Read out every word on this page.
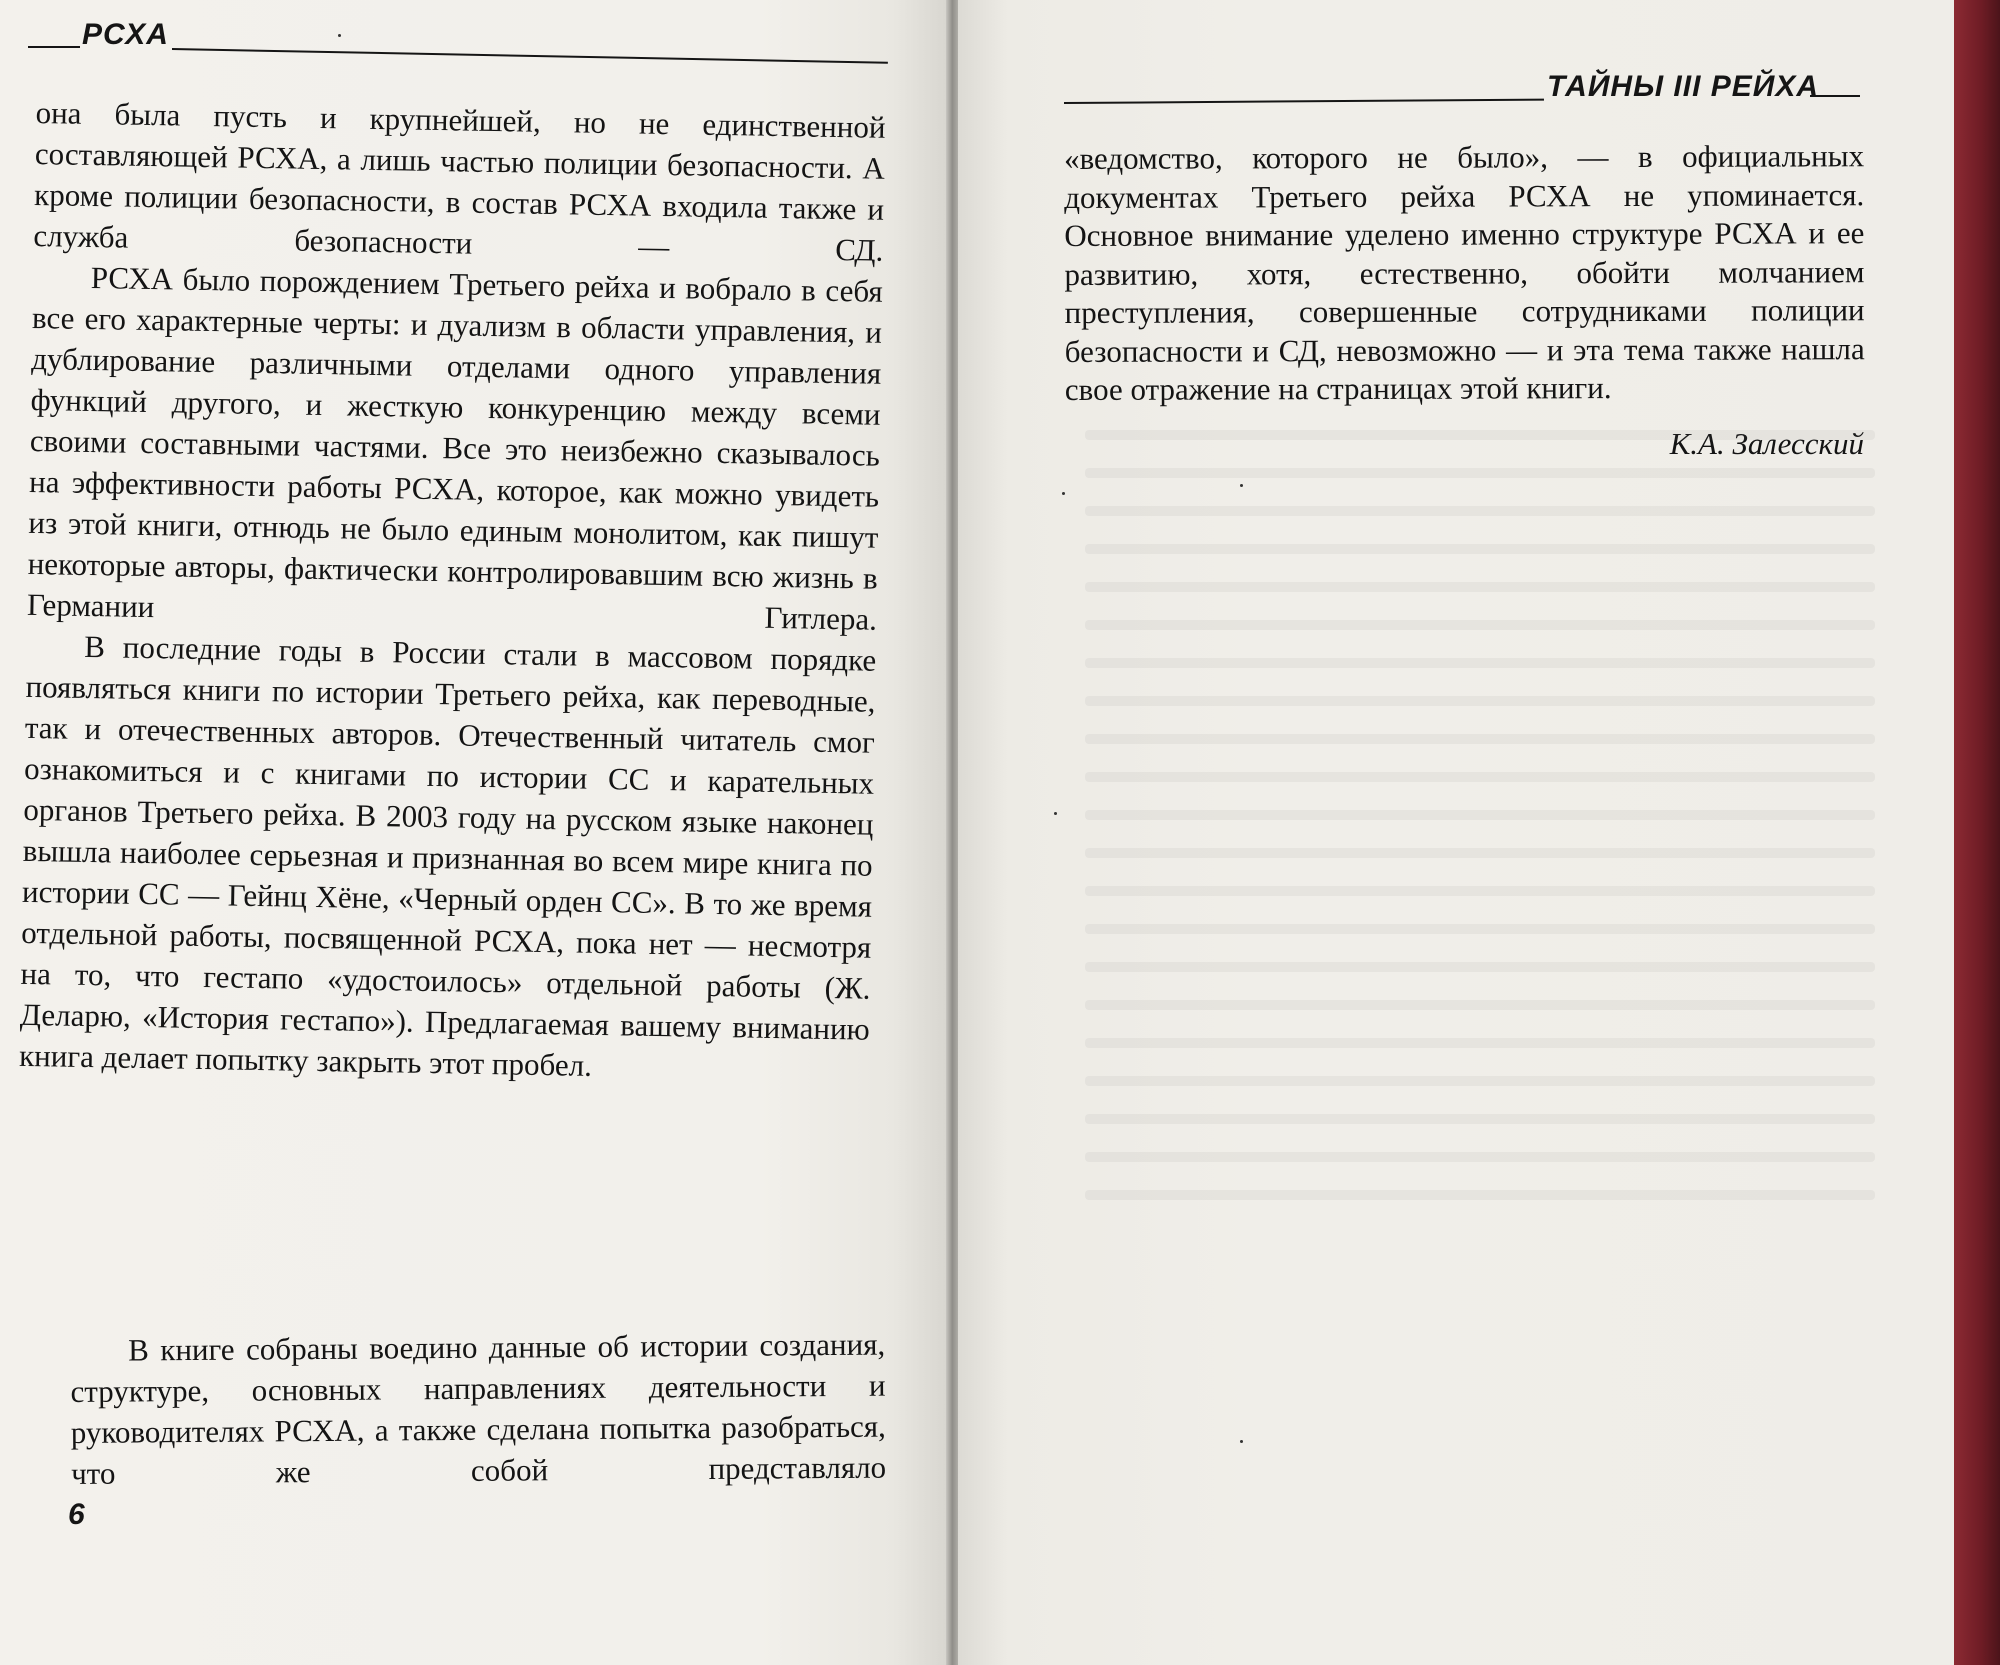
РСХА
ТАЙНЫ III РЕЙХА

она была пусть и крупнейшей, но не единственной составляющей РСХА, а лишь частью полиции безопасности. А кроме полиции безопасности, в состав РСХА входила также и служба безопасности — СД.

РСХА было порождением Третьего рейха и вобрало в себя все его характерные черты: и дуализм в области управления, и дублирование различными отделами одного управления функций другого, и жесткую конкуренцию между всеми своими составными частями. Все это неизбежно сказывалось на эффективности работы РСХА, которое, как можно увидеть из этой книги, отнюдь не было единым монолитом, как пишут некоторые авторы, фактически контролировавшим всю жизнь в Германии Гитлера.

В последние годы в России стали в массовом порядке появляться книги по истории Третьего рейха, как переводные, так и отечественных авторов. Отечественный читатель смог ознакомиться и с книгами по истории СС и карательных органов Третьего рейха. В 2003 году на русском языке наконец вышла наиболее серьезная и признанная во всем мире книга по истории СС — Гейнц Хёне, «Черный орден СС». В то же время отдельной работы, посвященной РСХА, пока нет — несмотря на то, что гестапо «удостоилось» отдельной работы (Ж. Деларю, «История гестапо»). Предлагаемая вашему вниманию книга делает попытку закрыть этот пробел.

В книге собраны воедино данные об истории создания, структуре, основных направлениях деятельности и руководителях РСХА, а также сделана попытка разобраться, что же собой представляло

6

«ведомство, которого не было», — в официальных документах Третьего рейха РСХА не упоминается. Основное внимание уделено именно структуре РСХА и ее развитию, хотя, естественно, обойти молчанием преступления, совершенные сотрудниками полиции безопасности и СД, невозможно — и эта тема также нашла свое отражение на страницах этой книги.

К.А. Залесский
